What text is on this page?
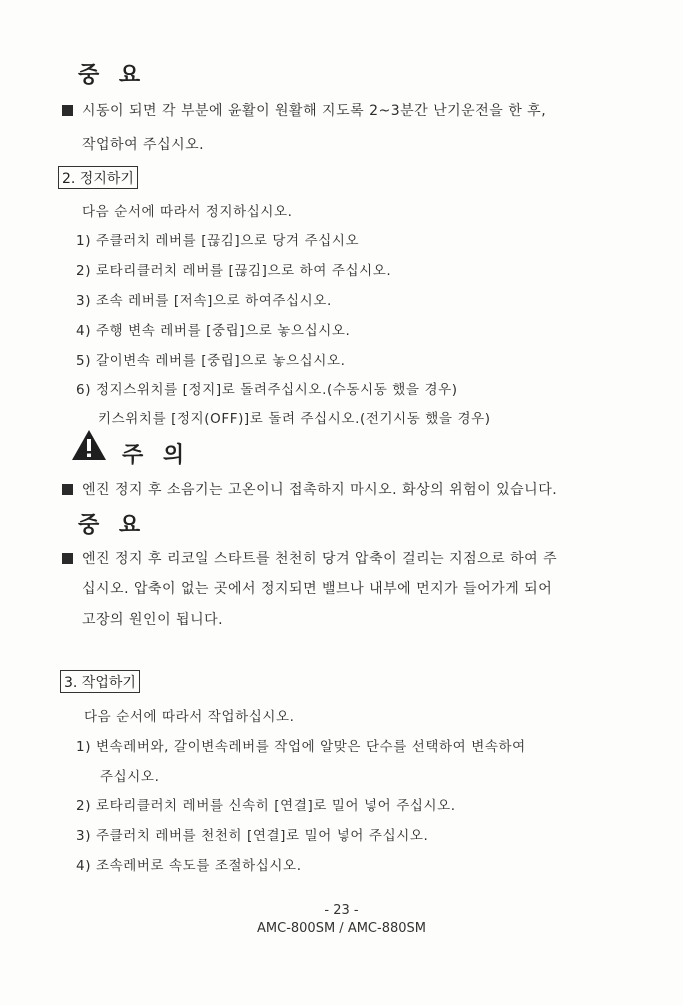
중 요
시동이 되면 각 부분에 윤활이 원활해 지도록 2~3분간 난기운전을 한 후,
작업하여 주십시오.
2. 정지하기
다음 순서에 따라서 정지하십시오.
1) 주클러치 레버를 [끊김]으로 당겨 주십시오
2) 로타리클러치 레버를 [끊김]으로 하여 주십시오.
3) 조속 레버를 [저속]으로 하여주십시오.
4) 주행 변속 레버를 [중립]으로 놓으십시오.
5) 갈이변속 레버를 [중립]으로 놓으십시오.
6) 정지스위치를 [정지]로 돌려주십시오.(수동시동 했을 경우)
키스위치를 [정지(OFF)]로 돌려 주십시오.(전기시동 했을 경우)
주 의
엔진 정지 후 소음기는 고온이니 접촉하지 마시오. 화상의 위험이 있습니다.
중 요
엔진 정지 후 리코일 스타트를 천천히 당겨 압축이 걸리는 지점으로 하여 주
십시오. 압축이 없는 곳에서 정지되면 밸브나 내부에 먼지가 들어가게 되어
고장의 원인이 됩니다.
3. 작업하기
다음 순서에 따라서 작업하십시오.
1) 변속레버와, 갈이변속레버를 작업에 알맞은 단수를 선택하여 변속하여
주십시오.
2) 로타리클러치 레버를 신속히 [연결]로 밀어 넣어 주십시오.
3) 주클러치 레버를 천천히 [연결]로 밀어 넣어 주십시오.
4) 조속레버로 속도를 조절하십시오.
- 23 -
AMC-800SM / AMC-880SM
